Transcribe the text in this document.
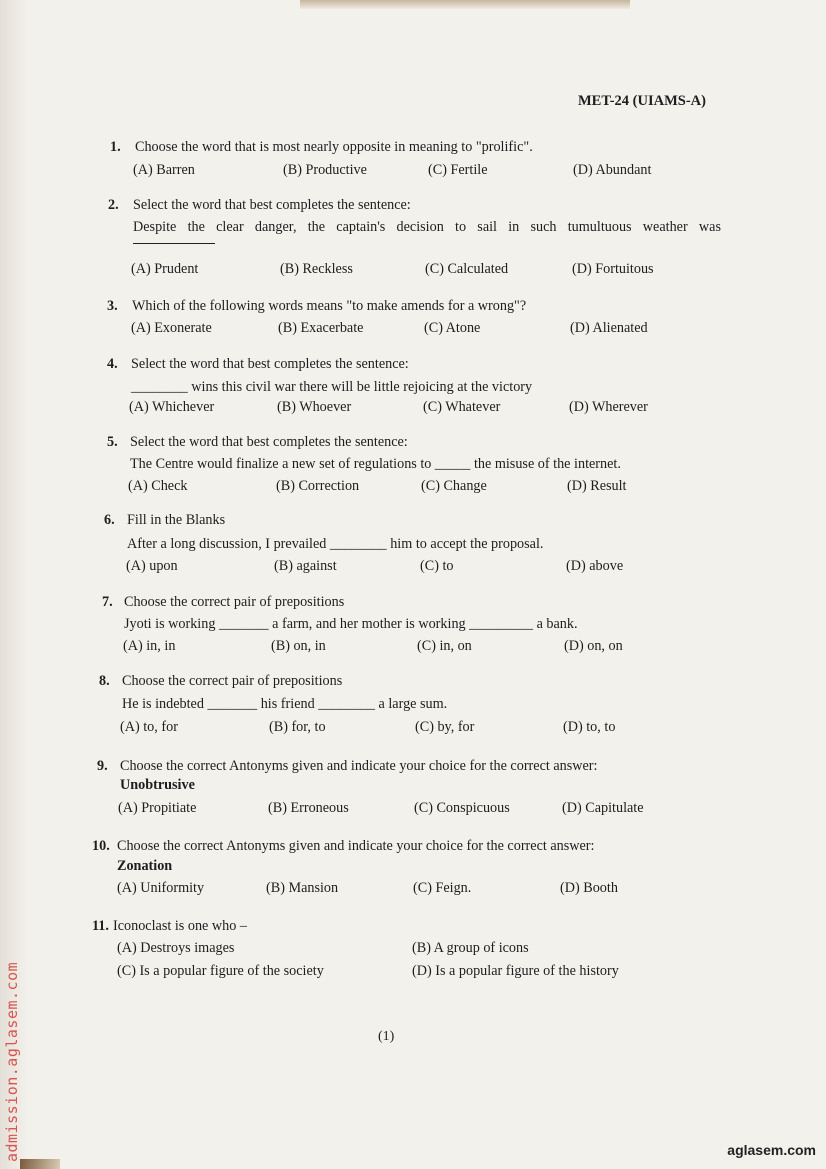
MET-24 (UIAMS-A)
1. Choose the word that is most nearly opposite in meaning to "prolific".
(A) Barren	(B) Productive	(C) Fertile	(D) Abundant
2. Select the word that best completes the sentence:
Despite the clear danger, the captain's decision to sail in such tumultuous weather was
(A) Prudent	(B) Reckless	(C) Calculated	(D) Fortuitous
3. Which of the following words means "to make amends for a wrong"?
(A) Exonerate	(B) Exacerbate	(C) Atone	(D) Alienated
4. Select the word that best completes the sentence:
________ wins this civil war there will be little rejoicing at the victory
(A) Whichever	(B) Whoever	(C) Whatever	(D) Wherever
5. Select the word that best completes the sentence:
The Centre would finalize a new set of regulations to _____ the misuse of the internet.
(A) Check	(B) Correction	(C) Change	(D) Result
6. Fill in the Blanks
After a long discussion, I prevailed ________ him to accept the proposal.
(A) upon	(B) against	(C) to	(D) above
7. Choose the correct pair of prepositions
Jyoti is working _______ a farm, and her mother is working _________ a bank.
(A) in, in	(B) on, in	(C) in, on	(D) on, on
8. Choose the correct pair of prepositions
He is indebted _______ his friend ________ a large sum.
(A) to, for	(B) for, to	(C) by, for	(D) to, to
9. Choose the correct Antonyms given and indicate your choice for the correct answer:
Unobtrusive
(A) Propitiate	(B) Erroneous	(C) Conspicuous	(D) Capitulate
10. Choose the correct Antonyms given and indicate your choice for the correct answer:
Zonation
(A) Uniformity	(B) Mansion	(C) Feign.	(D) Booth
11. Iconoclast is one who –
(A) Destroys images	(B) A group of icons
(C) Is a popular figure of the society	(D) Is a popular figure of the history
(1)
admission.aglasem.com	aglasem.com
